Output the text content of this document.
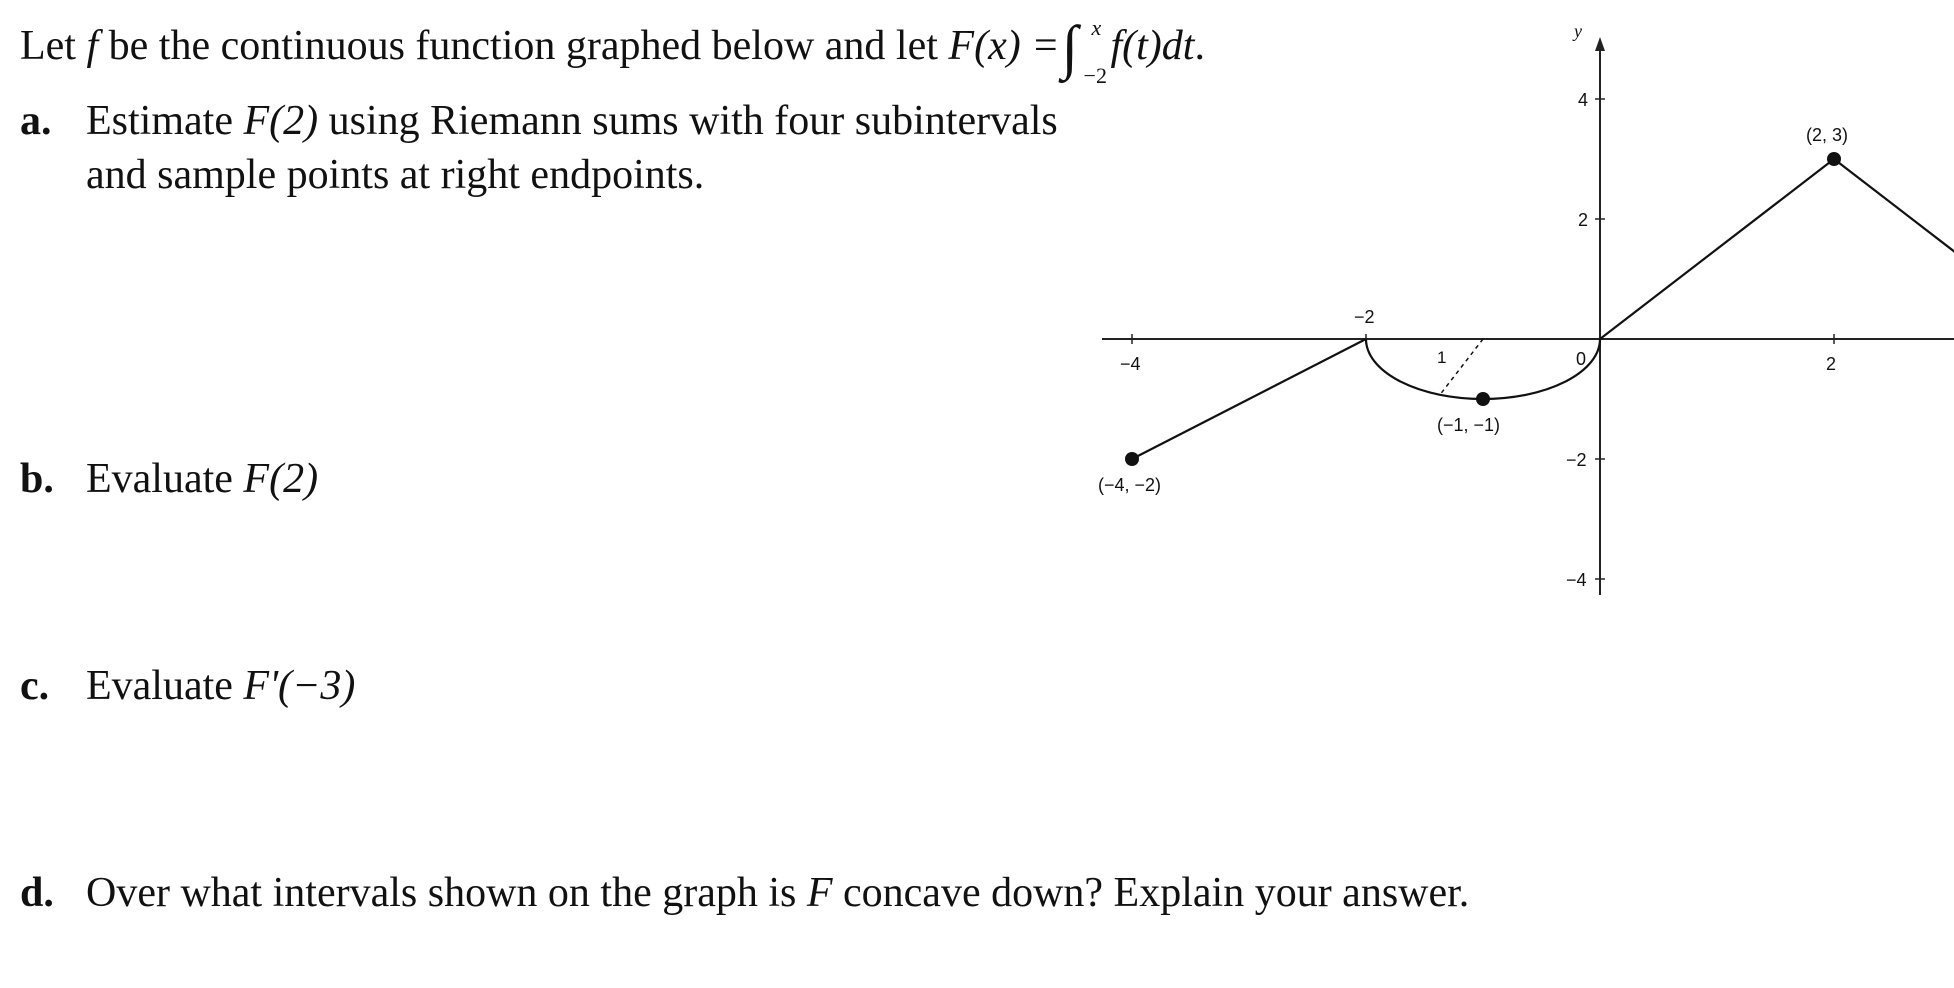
Let f be the continuous function graphed below and let F(x) =∫ x
−2
f(t)dt.
a. Estimate F(2) using Riemann sums with four subintervals
and sample points at right endpoints.
b. Evaluate F(2)
c. Evaluate F'(−3)
d. Over what intervals shown on the graph is F concave down? Explain your answer.
y
−4
−2
0	2
4
2
−2
−4
1
(−4, −2)
(−1, −1)
(2, 3)
